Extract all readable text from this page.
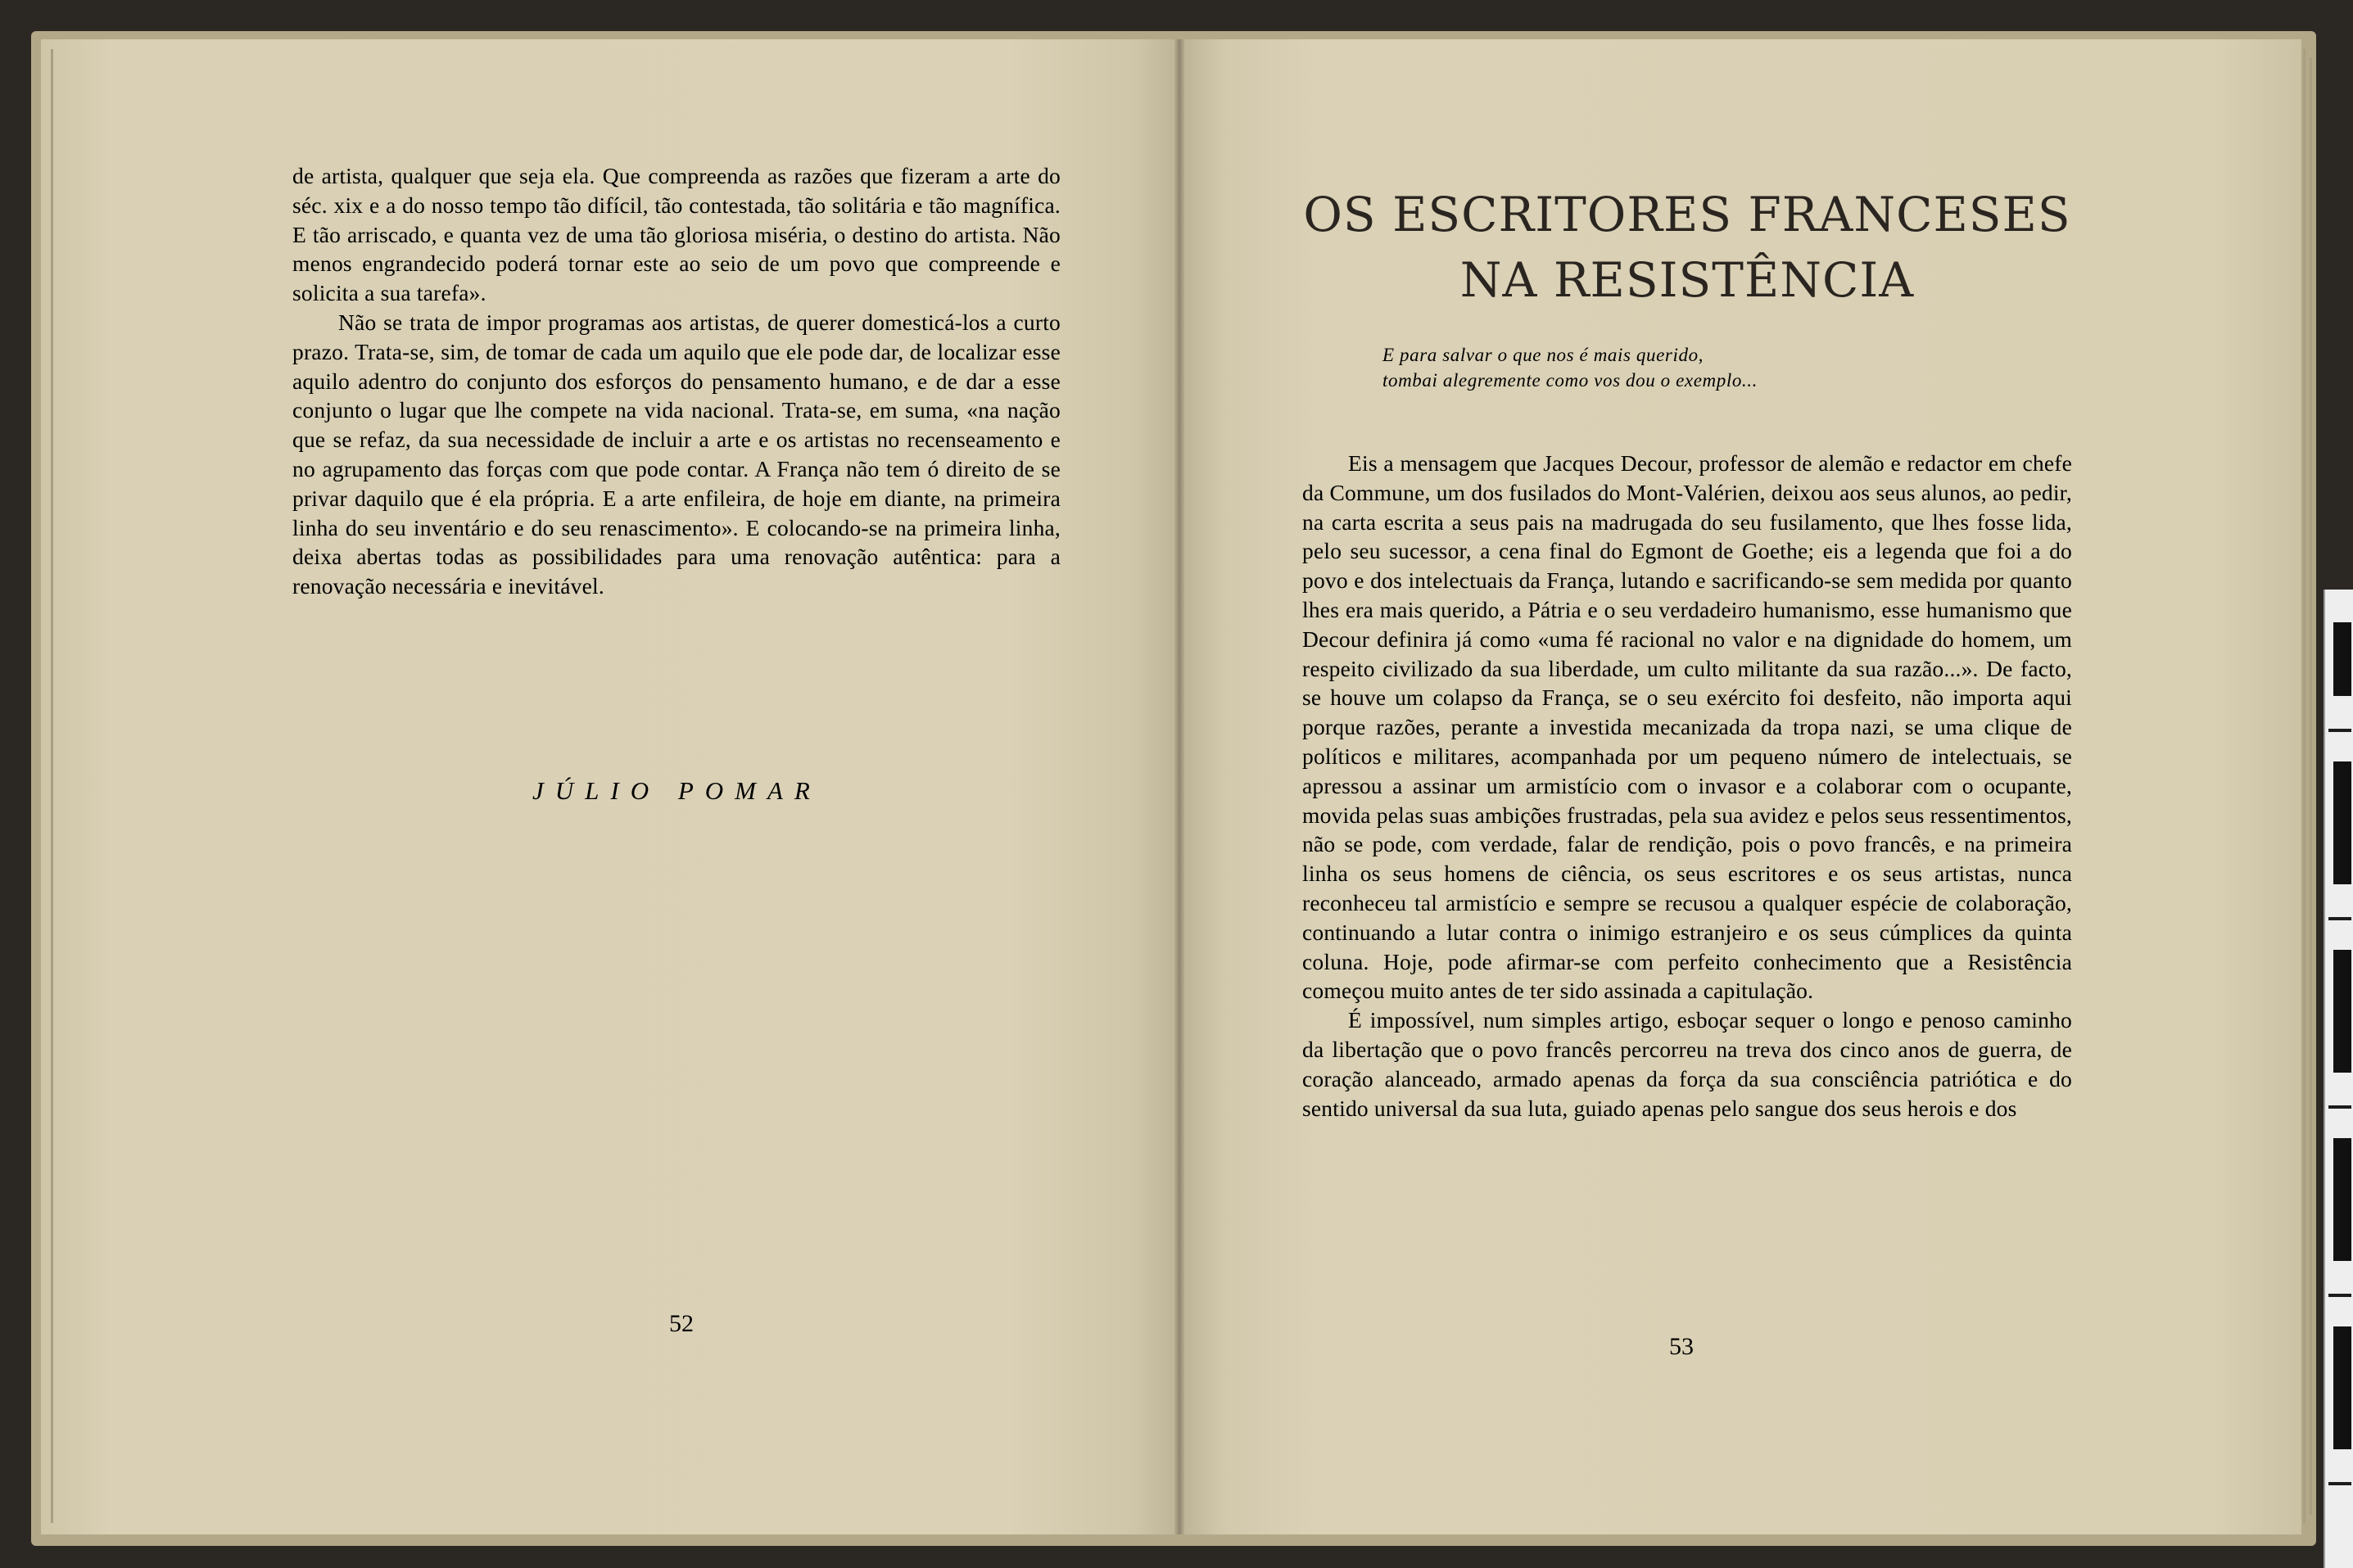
de artista, qualquer que seja ela. Que compreenda as razões que fizeram a arte do séc. xix e a do nosso tempo tão difícil, tão contestada, tão solitária e tão magnífica. E tão arriscado, e quanta vez de uma tão gloriosa miséria, o destino do artista. Não menos engrandecido poderá tornar este ao seio de um povo que compreende e solicita a sua tarefa».

Não se trata de impor programas aos artistas, de querer domesticá-los a curto prazo. Trata-se, sim, de tomar de cada um aquilo que ele pode dar, de localizar esse aquilo adentro do conjunto dos esforços do pensamento humano, e de dar a esse conjunto o lugar que lhe compete na vida nacional. Trata-se, em suma, «na nação que se refaz, da sua necessidade de incluir a arte e os artistas no recenseamento e no agrupamento das forças com que pode contar. A França não tem ó direito de se privar daquilo que é ela própria. E a arte enfileira, de hoje em diante, na primeira linha do seu inventário e do seu renascimento». E colocando-se na primeira linha, deixa abertas todas as possibilidades para uma renovação autêntica: para a renovação necessária e inevitável.

JÚLIO POMAR
52
OS ESCRITORES FRANCESES
NA RESISTÊNCIA
E para salvar o que nos é mais querido,
tombai alegremente como vos dou o exemplo...

Eis a mensagem que Jacques Decour, professor de alemão e redactor em chefe da Commune, um dos fusilados do Mont-Valérien, deixou aos seus alunos, ao pedir, na carta escrita a seus pais na madrugada do seu fusilamento, que lhes fosse lida, pelo seu sucessor, a cena final do Egmont de Goethe; eis a legenda que foi a do povo e dos intelectuais da França, lutando e sacrificando-se sem medida por quanto lhes era mais querido, a Pátria e o seu verdadeiro humanismo, esse humanismo que Decour definira já como «uma fé racional no valor e na dignidade do homem, um respeito civilizado da sua liberdade, um culto militante da sua razão...». De facto, se houve um colapso da França, se o seu exército foi desfeito, não importa aqui porque razões, perante a investida mecanizada da tropa nazi, se uma clique de políticos e militares, acompanhada por um pequeno número de intelectuais, se apressou a assinar um armistício com o invasor e a colaborar com o ocupante, movida pelas suas ambições frustradas, pela sua avidez e pelos seus ressentimentos, não se pode, com verdade, falar de rendição, pois o povo francês, e na primeira linha os seus homens de ciência, os seus escritores e os seus artistas, nunca reconheceu tal armistício e sempre se recusou a qualquer espécie de colaboração, continuando a lutar contra o inimigo estranjeiro e os seus cúmplices da quinta coluna. Hoje, pode afirmar-se com perfeito conhecimento que a Resistência começou muito antes de ter sido assinada a capitulação.

É impossível, num simples artigo, esboçar sequer o longo e penoso caminho da libertação que o povo francês percorreu na treva dos cinco anos de guerra, de coração alanceado, armado apenas da força da sua consciência patriótica e do sentido universal da sua luta, guiado apenas pelo sangue dos seus herois e dos

53
